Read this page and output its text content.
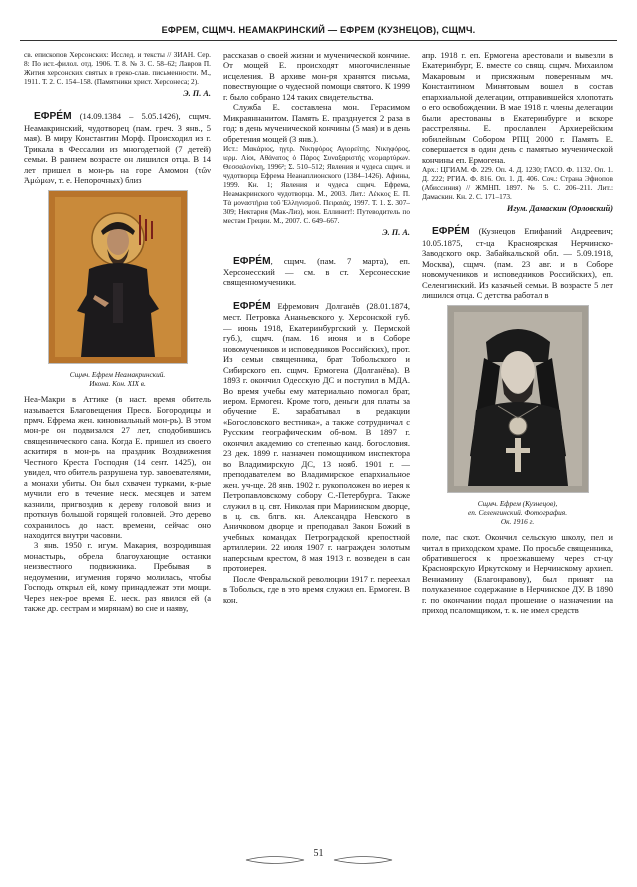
ЕФРЕМ, СЩМЧ. НЕАМАКРИНСКИЙ — ЕФРЕМ (КУЗНЕЦОВ), СЩМЧ.

св. епископов Херсонских: Исслед. и тексты // ЗИАН. Сер. 8: По ист.-филол. отд. 1906. Т. 8. № 3. С. 58–62; Лавров П. Жития херсонских святых в греко-слав. письменности. М., 1911. Т. 2. С. 154–158. (Памятники христ. Херсонеса; 2).

Э. П. А.

ЕФРЕ́М (14.09.1384 – 5.05.1426), сщмч. Неамакринский, чудотворец (пам. греч. 3 янв., 5 мая). В миру Константин Морф. Происходил из г. Трикала в Фессалии из многодетной (7 детей) семьи. В раннем возрасте он лишился отца. В 14 лет пришел в мон-рь на горе Амомон (τῶν Ἀμώμων, т. е. Непорочных) близ

Сщмч. Ефрем Неамакринский.
Икона. Кон. XIX в.

Неа-Макри в Аттике (в наст. время обитель называется Благовещения Пресв. Богородицы и прмч. Ефрема жен. киновиальный мон-рь). В этом мон-ре он подвизался 27 лет, сподобившись священнического сана. Когда Е. пришел из своего аскитиря в мон-рь на праздник Воздвижения Честного Креста Господня (14 сент. 1425), он увидел, что обитель разрушена тур. завоевателями, а монахи убиты. Он был схвачен турками, к-рые мучили его в течение неск. месяцев и затем казнили, пригвоздив к дереву головой вниз и проткнув большой горящей головней. Это дерево сохранилось до наст. времени, сейчас оно находится внутри часовни.

3 янв. 1950 г. игум. Макария, возродившая монастырь, обрела благоухающие останки неизвестного подвижника. Пребывая в недоумении, игумения горячо молилась, чтобы Господь открыл ей, кому принадлежат эти мощи. Через нек-рое время Е. неск. раз явился ей (а также др. сестрам и мирянам) во сне и наяву,

рассказав о своей жизни и мученической кончине. От мощей Е. происходят многочисленные исцеления. В архиве мон-ря хранятся письма, повествующие о чудесной помощи святого. К 1999 г. было собрано 124 таких свидетельства.

Служба Е. составлена мон. Герасимом Микраяннанитом. Память Е. празднуется 2 раза в год: в день мученической кончины (5 мая) и в день обретения мощей (3 янв.).

Ист.: Μακάριος, ηγτρ. Νικηφόρος Αγιορείτης. Νικηφόρος, ιερμ. Λίοι, Αθάνατος ὁ Πάρος Συναξαριστής νεομαρτύρων. Θεσσαλονίκη, 1996²; Σ. 510–512; Явления и чудеса сщмч. и чудотворца Ефрема Неанаплионского (1384–1426). Афины, 1999. Кн. 1; Явления и чудеса сщмч. Ефрема, Неамакринского чудотворца. М., 2003. Лит.: Λέκκος Ε. Π. Τὰ μοναστήρια τοῦ Ἑλληνισμοῦ. Πειραιάς, 1997. Τ. 1. Σ. 307–309; Нектария (Мак-Лиз), мон. Еллинит!: Путеводитель по местам Греции. М., 2007. С. 649–667.

Э. П. А.

ЕФРЕ́М, сщмч. (пам. 7 марта), еп. Херсонесский — см. в ст. Херсонесские священномученики.

ЕФРЕ́М Ефремович Долганёв (28.01.1874, мест. Петровка Ананьевского у. Херсонской губ. — июнь 1918, Екатеринбургский у. Пермской губ.), сщмч. (пам. 16 июня и в Соборе новомучеников и исповедников Российских), прот. Из семьи священника, брат Тобольского и Сибирского еп. сщмч. Ермогена (Долганёва). В 1893 г. окончил Одесскую ДС и поступил в МДА. Во время учебы ему материально помогал брат, иером. Ермоген. Кроме того, деньги для платы за обучение Е. зарабатывал в редакции «Богословского вестника», а также сотрудничал с Русским географическим об-вом. В 1897 г. окончил академию со степенью канд. богословия. 23 дек. 1899 г. назначен помощником инспектора во Владимирскую ДС, 13 нояб. 1901 г. — преподавателем во Владимирское епархиальное жен. уч-ще. 28 янв. 1902 г. рукоположен во иерея к Петропавловскому собору С.-Петербурга. Также служил в ц. свт. Николая при Мариинском дворце, в ц. св. блгв. кн. Александра Невского в Аничковом дворце и преподавал Закон Божий в учебных командах Петроградской крепостной артиллерии. 22 июля 1907 г. награжден золотым наперсным крестом, 8 мая 1913 г. возведен в сан протоиерея.

После Февральской революции 1917 г. переехал в Тобольск, где в это время служил еп. Ермоген. В кон.

апр. 1918 г. еп. Ермогена арестовали и вывезли в Екатеринбург, Е. вместе со свящ. сщмч. Михаилом Макаровым и присяжным поверенным мч. Константином Минятовым вошел в состав епархиальной делегации, отправившейся хлопотать о его освобождении. В мае 1918 г. члены делегации были арестованы в Екатеринбурге и вскоре расстреляны. Е. прославлен Архиерейским юбилейным Собором РПЦ 2000 г. Память Е. совершается в один день с памятью мученической кончины еп. Ермогена.

Арх.: ЦГИАМ. Ф. 229. Оп. 4. Д. 1230; ГАСО. Ф. 1132. Оп. 1. Д. 222; РГИА. Ф. 816. Оп. 1. Д. 406. Соч.: Страна Эфиопов (Абиссиния) // ЖМНП. 1897. № 5. С. 206–211. Лит.: Дамаскин. Кн. 2. С. 171–173.

Игум. Дамаскин (Орловский)

ЕФРЕ́М (Кузнецов Епифаний Андреевич; 10.05.1875, ст-ца Красноярская Нерчинско-Заводского окр. Забайкальской обл. — 5.09.1918, Москва), сщмч. (пам. 23 авг. и в Соборе новомучеников и исповедников Российских), еп. Селенгинский. Из казачьей семьи. В возрасте 5 лет лишился отца. С детства работал в

Сщмч. Ефрем (Кузнецов),
еп. Селенгинский. Фотография.
Ок. 1916 г.

поле, пас скот. Окончил сельскую школу, пел и читал в приходском храме. По просьбе священника, обратившегося к проезжавшему через ст-цу Красноярскую Иркутскому и Нерчинскому архиеп. Вениамину (Благонравову), был принят на полуказенное содержание в Нерчинское ДУ. В 1890 г. по окончании подал прошение о назначении на приход псаломщиком, т. к. не имел средств

51
